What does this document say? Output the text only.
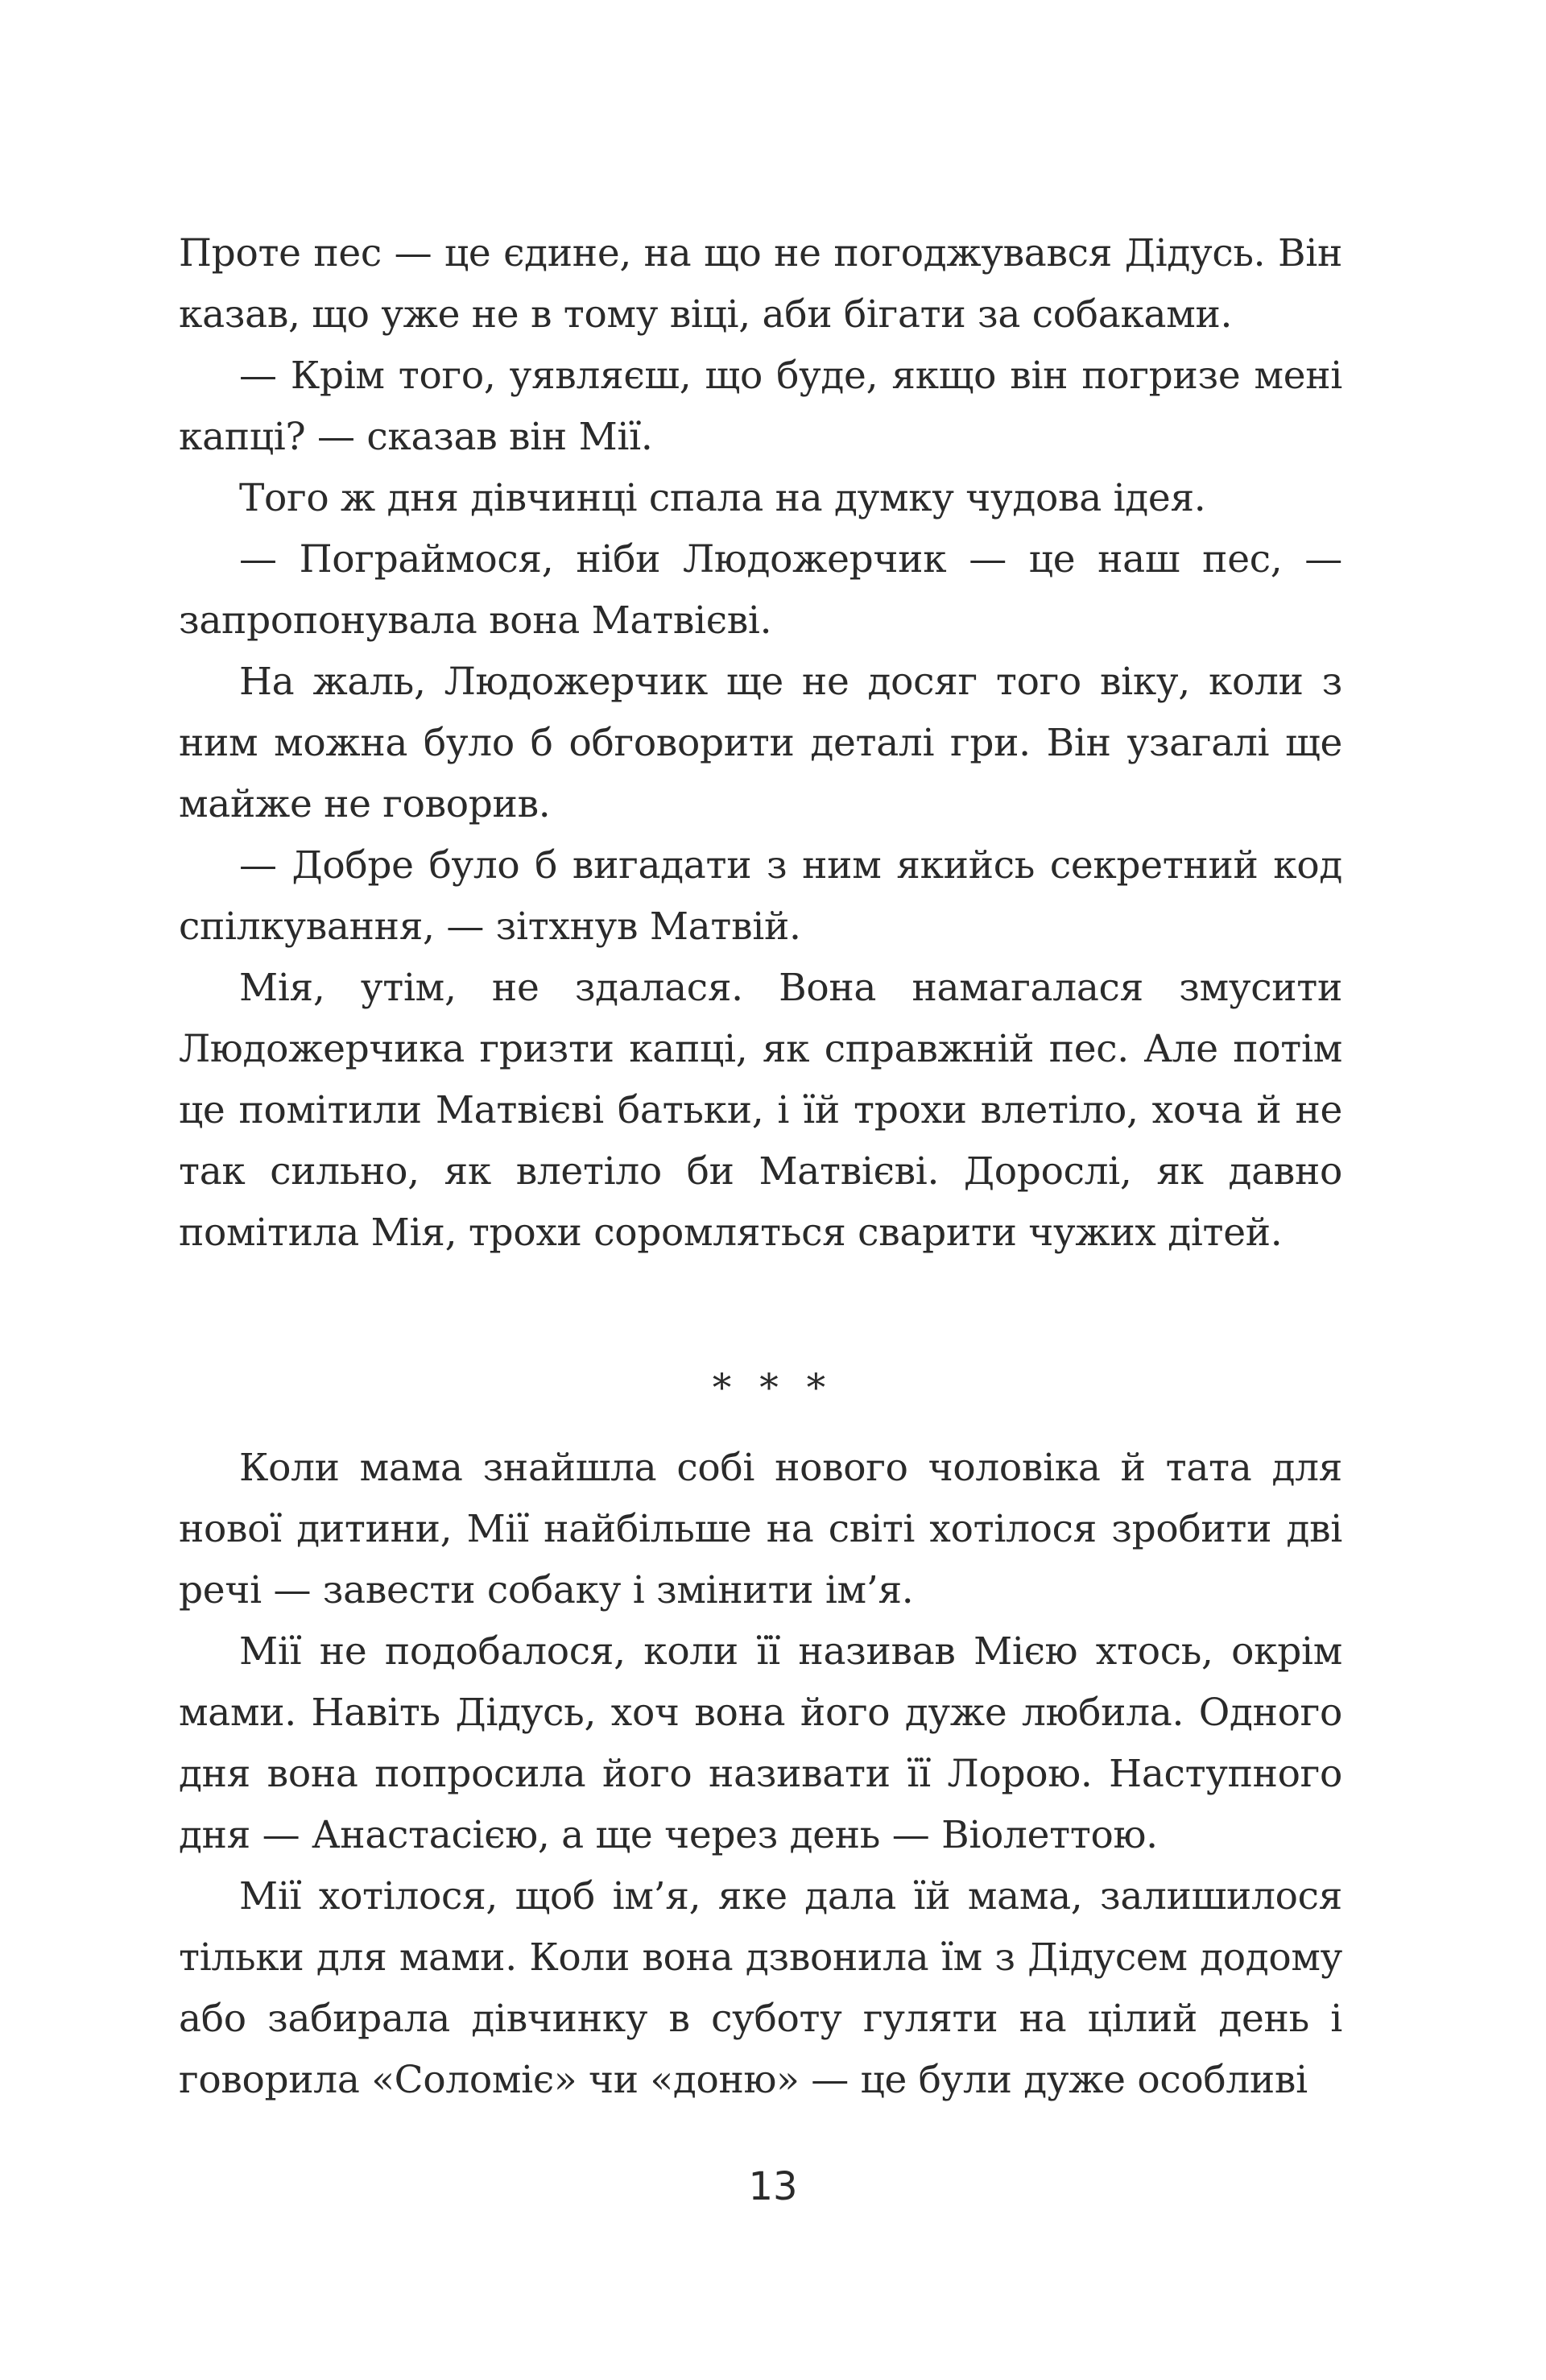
Проте пес — це єдине, на що не погоджувався Дідусь. Він казав, що уже не в тому віці, аби бігати за собаками.

— Крім того, уявляєш, що буде, якщо він погризе мені капці? — сказав він Мії.

Того ж дня дівчинці спала на думку чудова ідея.

— Пограймося, ніби Людожерчик — це наш пес, — запропонувала вона Матвієві.

На жаль, Людожерчик ще не досяг того віку, коли з ним можна було б обговорити деталі гри. Він узагалі ще майже не говорив.

— Добре було б вигадати з ним якийсь секретний код спілкування, — зітхнув Матвій.

Мія, утім, не здалася. Вона намагалася змусити Людожерчика гризти капці, як справжній пес. Але потім це помітили Матвієві батьки, і їй трохи влетіло, хоча й не так сильно, як влетіло би Матвієві. Дорослі, як давно помітила Мія, трохи соромляться сварити чужих дітей.

* * *

Коли мама знайшла собі нового чоловіка й тата для нової дитини, Мії найбільше на світі хотілося зробити дві речі — завести собаку і змінити ім’я.

Мії не подобалося, коли її називав Мією хтось, окрім мами. Навіть Дідусь, хоч вона його дуже любила. Одного дня вона попросила його називати її Лорою. Наступного дня — Анастасією, а ще через день — Віолеттою.

Мії хотілося, щоб ім’я, яке дала їй мама, залишилося тільки для мами. Коли вона дзвонила їм з Дідусем додому або забирала дівчинку в суботу гуляти на цілий день і говорила «Соломіє» чи «доню» — це були дуже особливі

13
